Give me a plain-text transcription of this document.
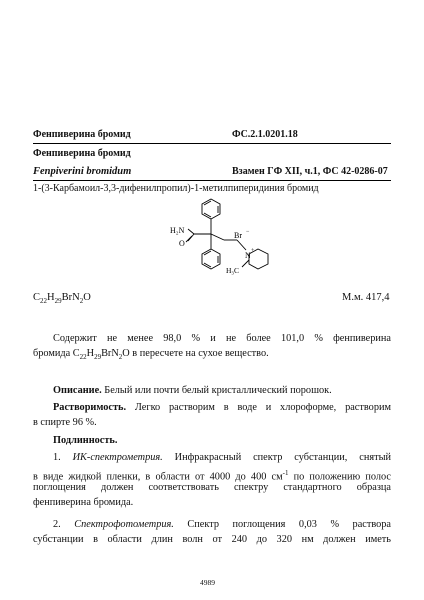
Фенпиверина бромид	ФС.2.1.0201.18
Фенпиверина бромид
Fenpiverini bromidum	Взамен ГФ XII, ч.1, ФС 42-0286-07
1-(3-Карбамоил-3,3-дифенилпропил)-1-метилпиперидиния бромид
H₂N
O
Br −
N +
H₃C
$C_{22}H_{29}BrN_2O$	М.м. 417,4
Содержит не менее 98,0 % и не более 101,0 % фенпиверина
бромида $C_{22}H_{29}BrN_2O$ в пересчете на сухое вещество.
Описание. Белый или почти белый кристаллический порошок.
Растворимость. Легко растворим в воде и хлороформе, растворим
в спирте 96 %.
Подлинность.
1. ИК-спектрометрия. Инфракрасный спектр субстанции, снятый
в виде жидкой пленки, в области от 4000 до 400 $см^{-1}$ по положению полос
поглощения должен соответствовать спектру стандартного образца
фенпиверина бромида.
2. Спектрофотометрия. Спектр поглощения 0,03 % раствора
субстанции в области длин волн от 240 до 320 нм должен иметь
4989
